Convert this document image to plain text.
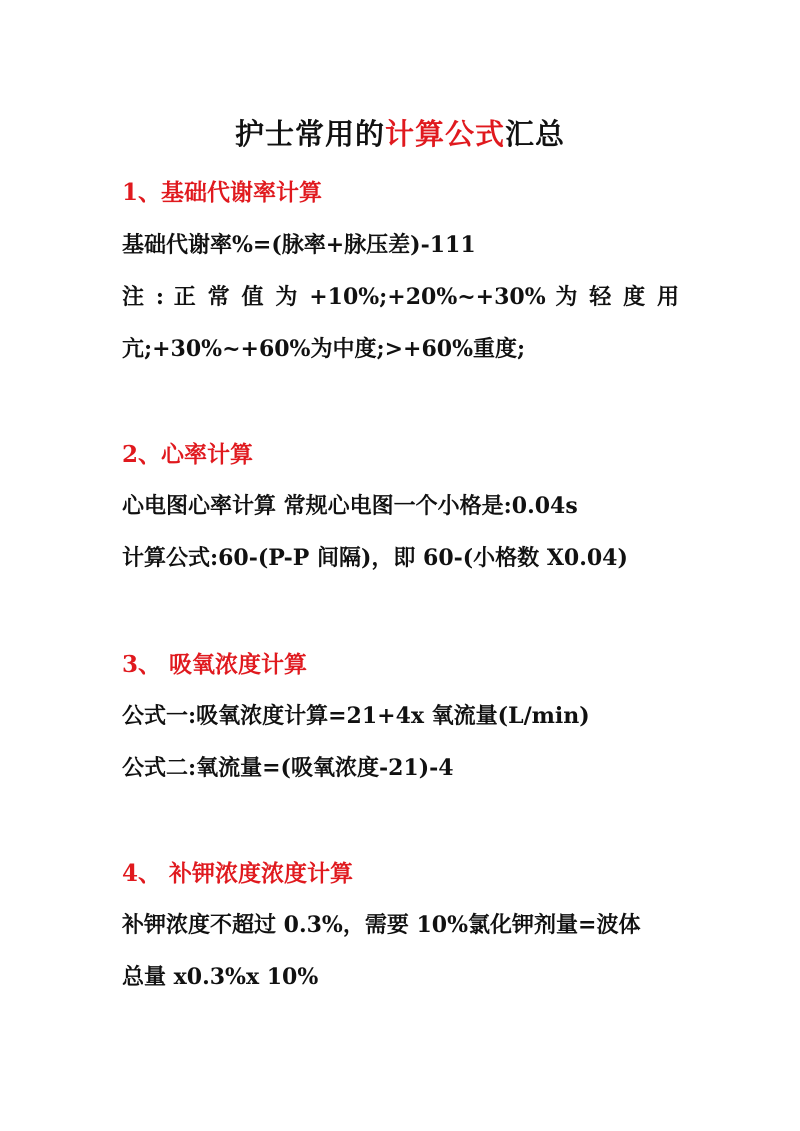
护士常用的计算公式汇总
1、基础代谢率计算
基础代谢率%=(脉率+脉压差)-111
注 : 正 常 值 为 +10%;+20%~+30% 为 轻 度 用
亢;+30%~+60%为中度;>+60%重度;
2、心率计算
心电图心率计算 常规心电图一个小格是:0.04s
计算公式:60-(P-P 间隔)，即 60-(小格数 X0.04)
3、 吸氧浓度计算
公式一:吸氧浓度计算=21+4x 氧流量(L/min)
公式二:氧流量=(吸氧浓度-21)-4
4、 补钾浓度浓度计算
补钾浓度不超过 0.3%，需要 10%氯化钾剂量=波体
总量 x0.3%x 10%
